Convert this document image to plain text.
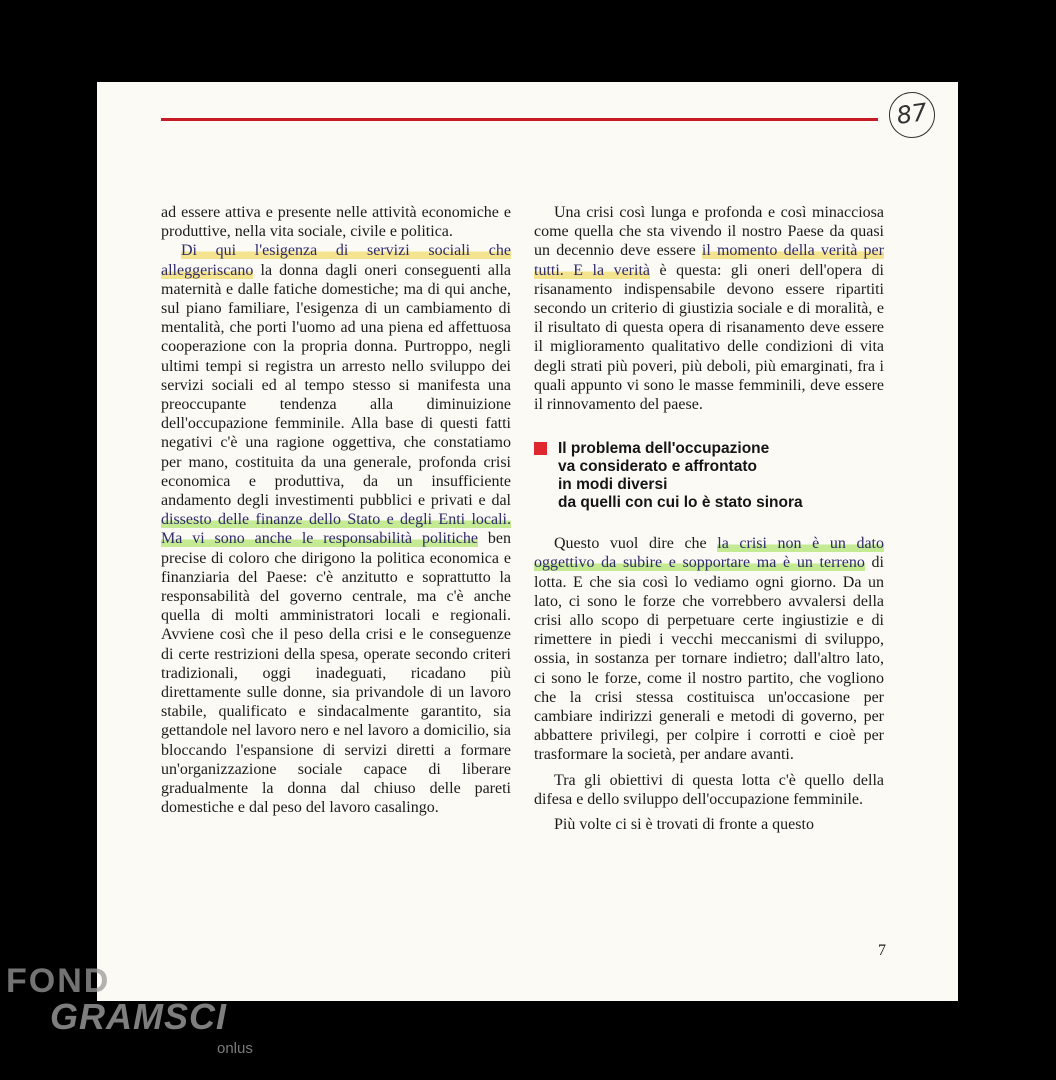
87

ad essere attiva e presente nelle attività economiche e produttive, nella vita sociale, civile e politica.

Di qui l'esigenza di servizi sociali che alleggeriscano la donna dagli oneri conseguenti alla maternità e dalle fatiche domestiche; ma di qui anche, sul piano familiare, l'esigenza di un cambiamento di mentalità, che porti l'uomo ad una piena ed affettuosa cooperazione con la propria donna. Purtroppo, negli ultimi tempi si registra un arresto nello sviluppo dei servizi sociali ed al tempo stesso si manifesta una preoccupante tendenza alla diminuizione dell'occupazione femminile. Alla base di questi fatti negativi c'è una ragione oggettiva, che constatiamo per mano, costituita da una generale, profonda crisi economica e produttiva, da un insufficiente andamento degli investimenti pubblici e privati e dal dissesto delle finanze dello Stato e degli Enti locali. Ma vi sono anche le responsabilità politiche ben precise di coloro che dirigono la politica economica e finanziaria del Paese: c'è anzitutto e soprattutto la responsabilità del governo centrale, ma c'è anche quella di molti amministratori locali e regionali. Avviene così che il peso della crisi e le conseguenze di certe restrizioni della spesa, operate secondo criteri tradizionali, oggi inadeguati, ricadano più direttamente sulle donne, sia privandole di un lavoro stabile, qualificato e sindacalmente garantito, sia gettandole nel lavoro nero e nel lavoro a domicilio, sia bloccando l'espansione di servizi diretti a formare un'organizzazione sociale capace di liberare gradualmente la donna dal chiuso delle pareti domestiche e dal peso del lavoro casalingo.

Una crisi così lunga e profonda e così minacciosa come quella che sta vivendo il nostro Paese da quasi un decennio deve essere il momento della verità per tutti. E la verità è questa: gli oneri dell'opera di risanamento indispensabile devono essere ripartiti secondo un criterio di giustizia sociale e di moralità, e il risultato di questa opera di risanamento deve essere il miglioramento qualitativo delle condizioni di vita degli strati più poveri, più deboli, più emarginati, fra i quali appunto vi sono le masse femminili, deve essere il rinnovamento del paese.

Il problema dell'occupazione
va considerato e affrontato
in modi diversi
da quelli con cui lo è stato sinora

Questo vuol dire che la crisi non è un dato oggettivo da subire e sopportare ma è un terreno di lotta. E che sia così lo vediamo ogni giorno. Da un lato, ci sono le forze che vorrebbero avvalersi della crisi allo scopo di perpetuare certe ingiustizie e di rimettere in piedi i vecchi meccanismi di sviluppo, ossia, in sostanza per tornare indietro; dall'altro lato, ci sono le forze, come il nostro partito, che vogliono che la crisi stessa costituisca un'occasione per cambiare indirizzi generali e metodi di governo, per abbattere privilegi, per colpire i corrotti e cioè per trasformare la società, per andare avanti.

Tra gli obiettivi di questa lotta c'è quello della difesa e dello sviluppo dell'occupazione femminile.

Più volte ci si è trovati di fronte a questo

7
FOND
GRAMSCI
onlus
